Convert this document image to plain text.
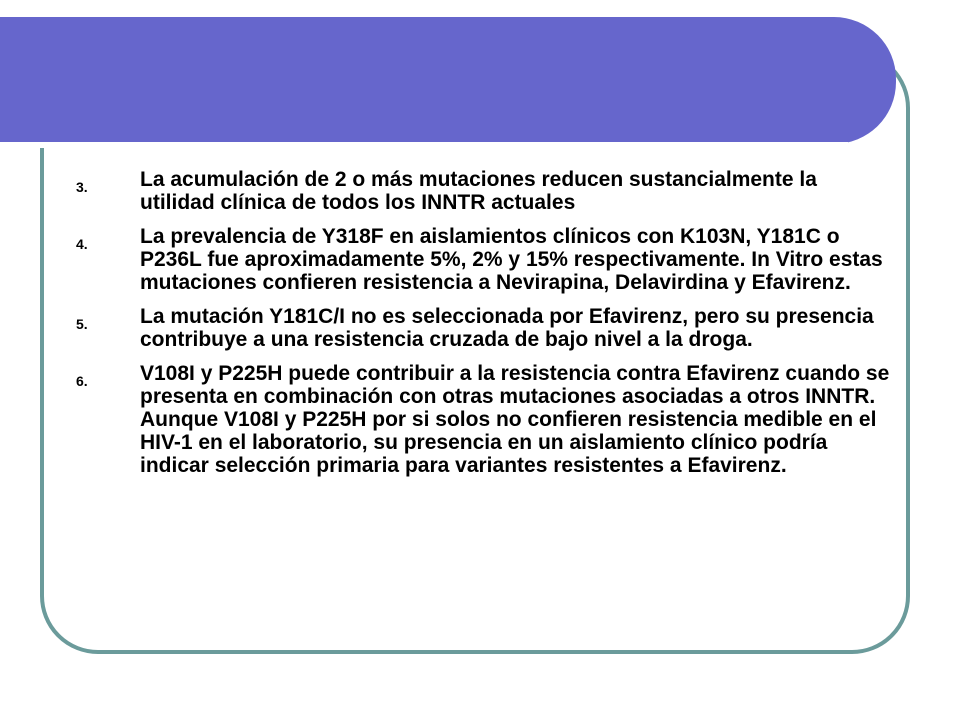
3.	La acumulación de 2 o más mutaciones reducen sustancialmente la utilidad clínica de todos los INNTR actuales
4.	La prevalencia de Y318F en aislamientos clínicos con K103N, Y181C o P236L fue aproximadamente 5%, 2% y 15% respectivamente. In Vitro estas mutaciones confieren resistencia a Nevirapina, Delavirdina y Efavirenz.
5.	La mutación Y181C/I no es seleccionada por Efavirenz, pero su presencia contribuye a una resistencia cruzada de bajo nivel a la droga.
6.	V108I y P225H puede contribuir a la resistencia contra Efavirenz cuando se presenta en combinación con otras mutaciones asociadas a otros INNTR. Aunque V108I y P225H por si solos no confieren resistencia medible en el HIV-1 en el laboratorio, su presencia en un aislamiento clínico podría indicar selección primaria para variantes resistentes a Efavirenz.
